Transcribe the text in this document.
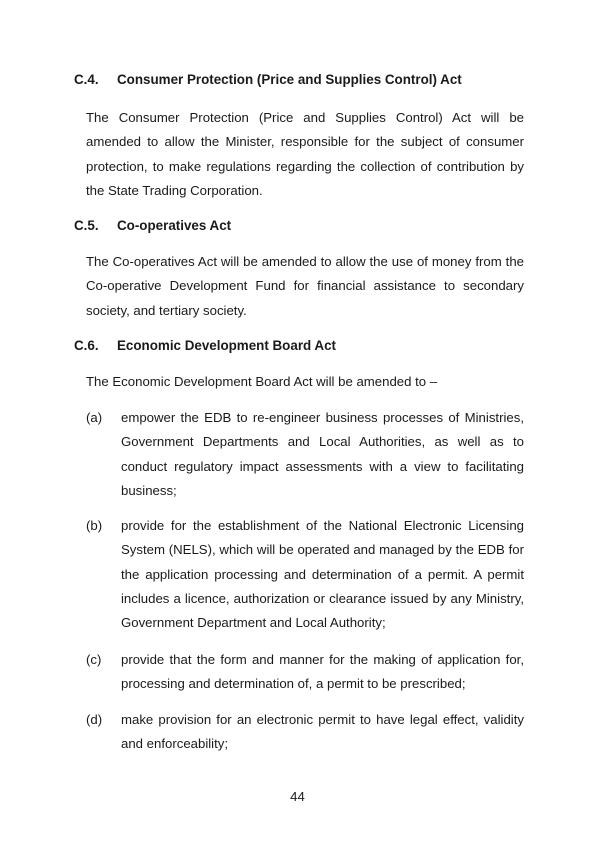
C.4. Consumer Protection (Price and Supplies Control) Act

The Consumer Protection (Price and Supplies Control) Act will be amended to allow the Minister, responsible for the subject of consumer protection, to make regulations regarding the collection of contribution by the State Trading Corporation.

C.5. Co-operatives Act

The Co-operatives Act will be amended to allow the use of money from the Co-operative Development Fund for financial assistance to secondary society, and tertiary society.

C.6. Economic Development Board Act

The Economic Development Board Act will be amended to –

(a) empower the EDB to re-engineer business processes of Ministries, Government Departments and Local Authorities, as well as to conduct regulatory impact assessments with a view to facilitating business;

(b) provide for the establishment of the National Electronic Licensing System (NELS), which will be operated and managed by the EDB for the application processing and determination of a permit. A permit includes a licence, authorization or clearance issued by any Ministry, Government Department and Local Authority;

(c) provide that the form and manner for the making of application for, processing and determination of, a permit to be prescribed;

(d) make provision for an electronic permit to have legal effect, validity and enforceability;

44
